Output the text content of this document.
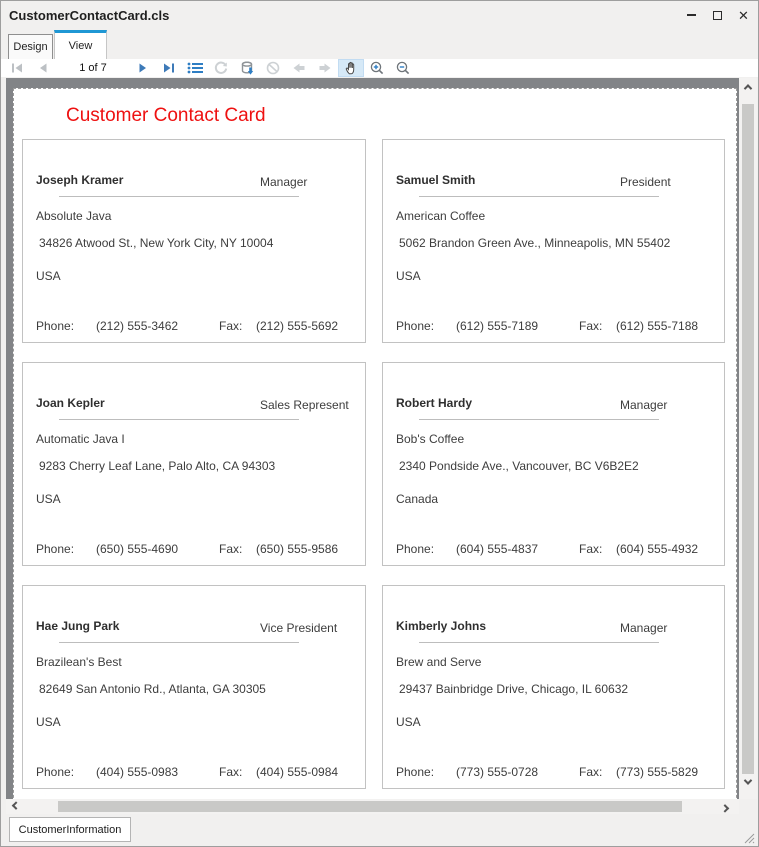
CustomerContactCard.cls	✕
Design View
1 of 7
Customer Contact Card
Joseph Kramer	Manager
Absolute Java
34826 Atwood St., New York City, NY 10004
USA
Phone: (212) 555-3462	Fax: (212) 555-5692
Samuel Smith	President
American Coffee
5062 Brandon Green Ave., Minneapolis, MN 55402
USA
Phone: (612) 555-7189	Fax: (612) 555-7188
Joan Kepler	Sales Represent
Automatic Java I
9283 Cherry Leaf Lane, Palo Alto, CA 94303
USA
Phone: (650) 555-4690	Fax: (650) 555-9586
Robert Hardy	Manager
Bob's Coffee
2340 Pondside Ave., Vancouver, BC V6B2E2
Canada
Phone: (604) 555-4837	Fax: (604) 555-4932
Hae Jung Park	Vice President
Brazilean's Best
82649 San Antonio Rd., Atlanta, GA 30305
USA
Phone: (404) 555-0983	Fax: (404) 555-0984
Kimberly Johns	Manager
Brew and Serve
29437 Bainbridge Drive, Chicago, IL 60632
USA
Phone: (773) 555-0728	Fax: (773) 555-5829
CustomerInformation
